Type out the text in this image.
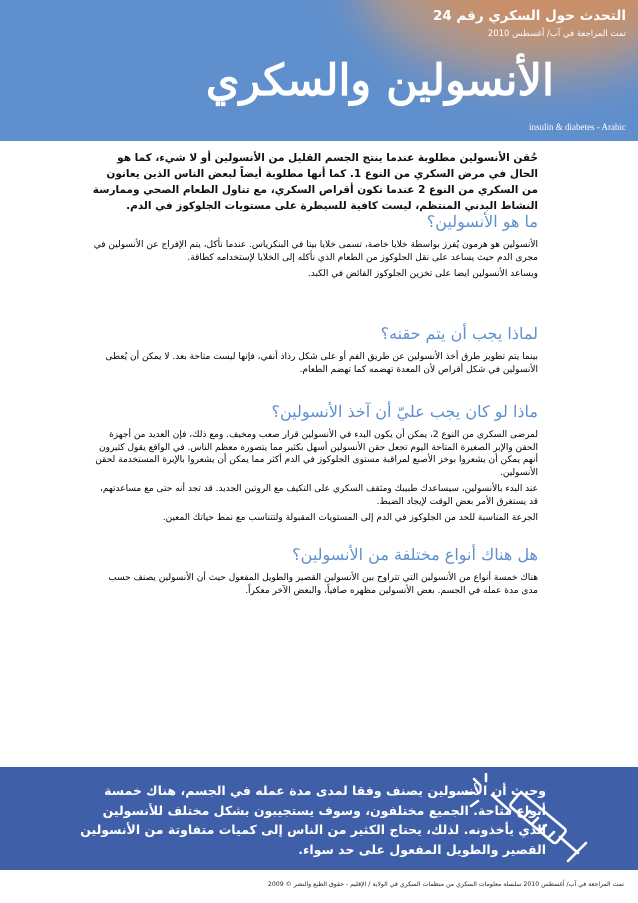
التحدث حول السكري رقم 24
تمت المراجعة في آب/ أغسطس 2010
الأنسولين والسكري
insulin & diabetes - Arabic
حُقن الأنسولين مطلوبة عندما ينتج الجسم القليل من الأنسولين أو لا شيء، كما هو الحال في مرض السكري من النوع 1. كما أنها مطلوبة أيضاً لبعض الناس الذين يعانون من السكري من النوع 2 عندما تكون أقراص السكري، مع تناول الطعام الصحي وممارسة النشاط البدني المنتظم، ليست كافية للسيطرة على مستويات الجلوكوز في الدم.
ما هو الأنسولين؟

الأنسولين هو هرمون يُفرز بواسطة خلايا خاصة، تسمى خلايا بيتا في البنكرياس. عندما نأكل، يتم الإفراج عن الأنسولين في مجرى الدم حيث يساعد على نقل الجلوكوز من الطعام الذي نأكله إلى الخلايا لإستخدامه كطاقة.

ويساعد الأنسولين ايضا على تخزين الجلوكوز الفائض في الكبد.

لماذا يجب أن يتم حقنه؟

بينما يتم تطوير طرق أخذ الأنسولين عن طريق الفم أو على شكل رذاذ أنفي، فإنها ليست متاحة بعد. لا يمكن أن يُعطى الأنسولين في شكل أقراص لأن المعدة تهضمه كما تهضم الطعام.

ماذا لو كان يجب عليّ أن آخذ الأنسولين؟

لمرضى السكري من النوع 2، يمكن أن يكون البدء في الأنسولين قرار صعب ومخيف. ومع ذلك، فإن العديد من أجهزة الحقن والإبر الصغيرة المتاحة اليوم تجعل حقن الأنسولين أسهل بكثير مما يتصوره معظم الناس. في الواقع يقول كثيرون أنهم يمكن أن يشعروا بوخز الأصبع لمراقبة مستوى الجلوكوز في الدم أكثر مما يمكن أن يشعروا بالإبرة المستخدمة لحقن الأنسولين.

عند البدء بالأنسولين، سيساعدك طبيبك ومثقف السكري على التكيف مع الروتين الجديد. قد تجد أنه حتى مع مساعدتهم، قد يستغرق الأمر بعض الوقت لإيجاد الضبط.

الجرعة المناسبة للحد من الجلوكوز في الدم إلى المستويات المقبولة ولتتناسب مع نمط حياتك المعين.

هل هناك أنواع مختلفة من الأنسولين؟

هناك خمسة أنواع من الأنسولين التي تتراوح بين الأنسولين القصير والطويل المفعول حيث أن الأنسولين يصنف حسب مدى مدة عمله في الجسم. بعض الأنسولين مظهره صافياً، والبعض الآخر معكراً.

وحيث أن الأنسولين يصنف وفقا لمدى مدة عمله في الجسم، هناك خمسة أنواع متاحة. الجميع مختلفون، وسوف يستجيبون بشكل مختلف للأنسولين الذي يأخذونه. لذلك، يحتاج الكثير من الناس إلى كميات متفاوتة من الأنسولين القصير والطويل المفعول على حد سواء.
تمت المراجعة في آب/ أغسطس 2010 سلسلة معلومات السكري من منظمات السكري في الولاية / الإقليم - حقوق الطبع والنشر © 2009
